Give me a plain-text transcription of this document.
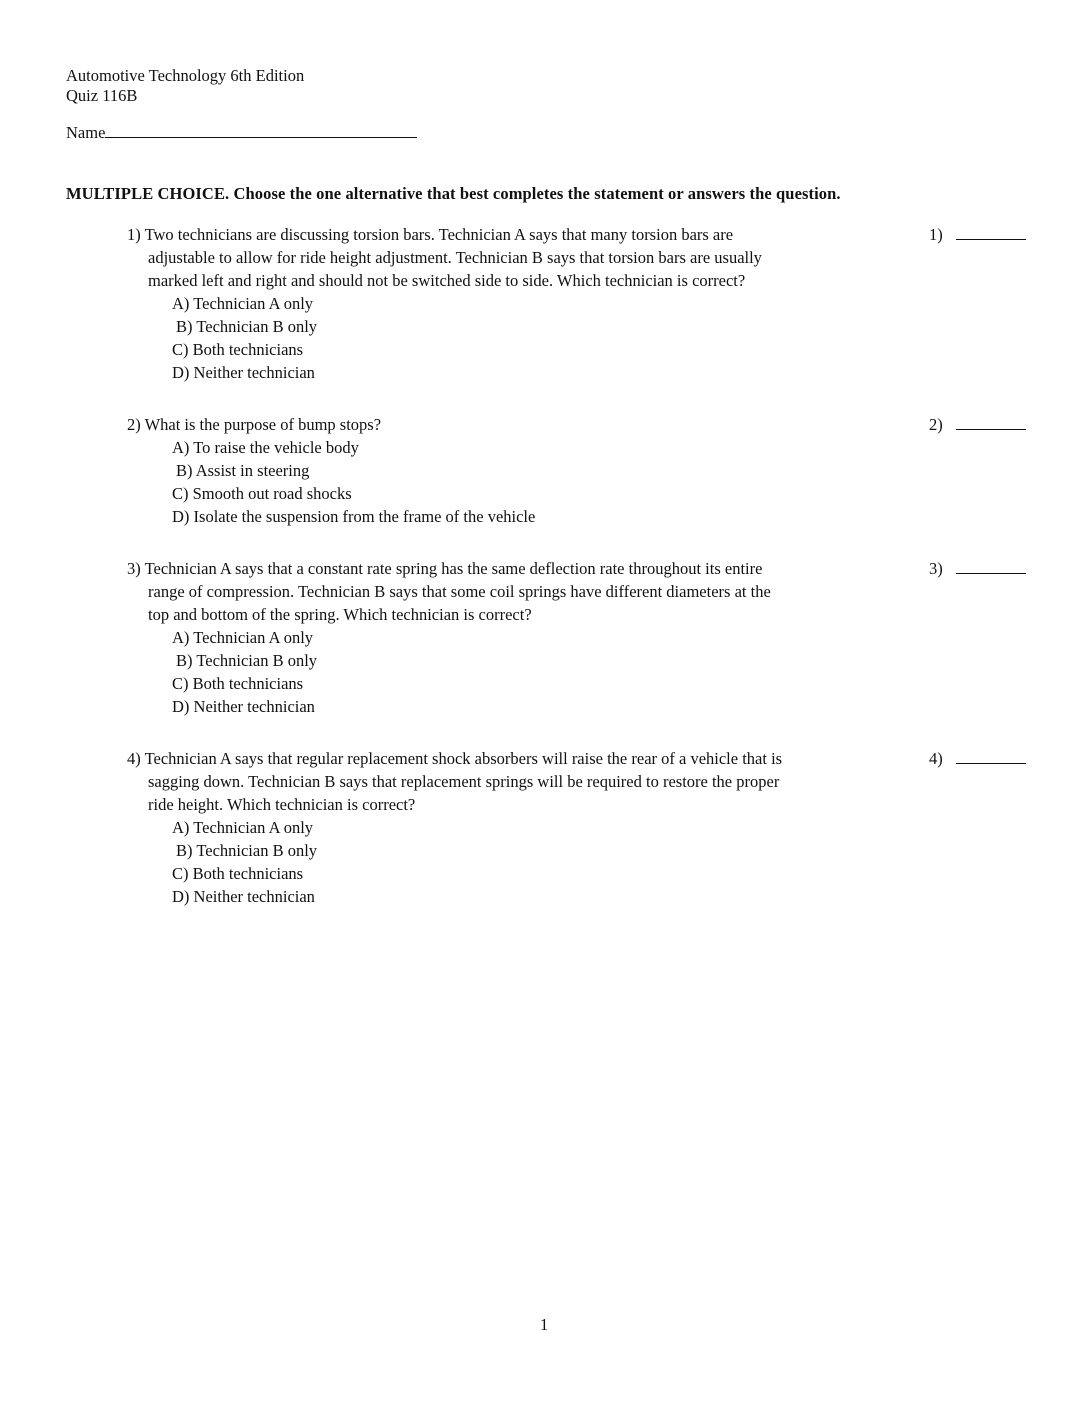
Automotive Technology 6th Edition
Quiz 116B
Name
MULTIPLE CHOICE. Choose the one alternative that best completes the statement or answers the question.
1) Two technicians are discussing torsion bars. Technician A says that many torsion bars are
adjustable to allow for ride height adjustment. Technician B says that torsion bars are usually
marked left and right and should not be switched side to side. Which technician is correct?
A) Technician A only
B) Technician B only
C) Both technicians
D) Neither technician
1)
2) What is the purpose of bump stops?
A) To raise the vehicle body
B) Assist in steering
C) Smooth out road shocks
D) Isolate the suspension from the frame of the vehicle
2)
3) Technician A says that a constant rate spring has the same deflection rate throughout its entire
range of compression. Technician B says that some coil springs have different diameters at the
top and bottom of the spring. Which technician is correct?
A) Technician A only
B) Technician B only
C) Both technicians
D) Neither technician
3)
4) Technician A says that regular replacement shock absorbers will raise the rear of a vehicle that is
sagging down. Technician B says that replacement springs will be required to restore the proper
ride height. Which technician is correct?
A) Technician A only
B) Technician B only
C) Both technicians
D) Neither technician
4)
1
